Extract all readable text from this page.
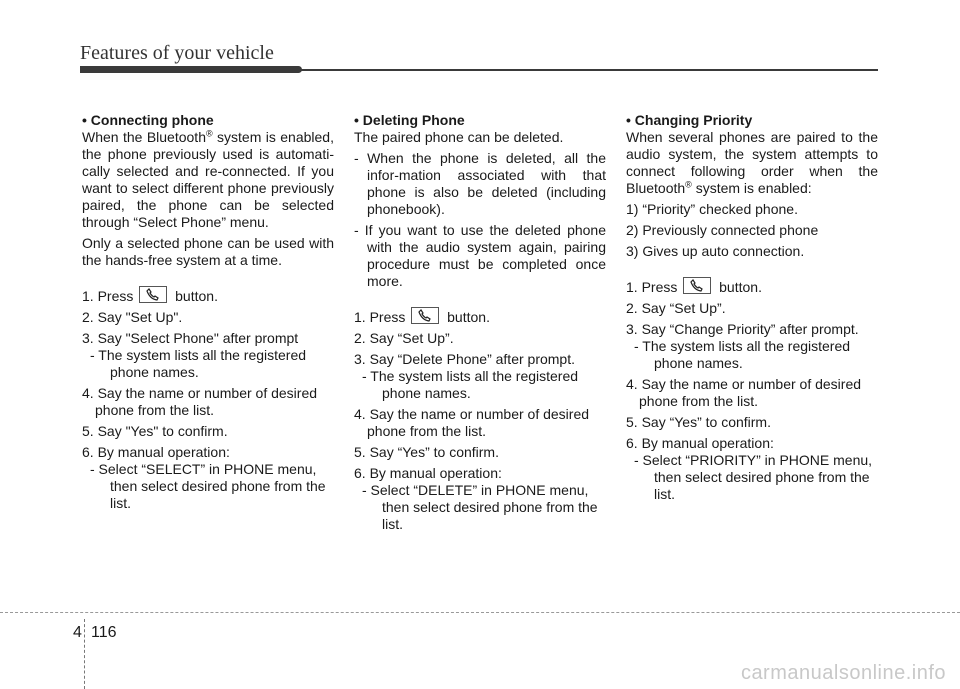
Features of your vehicle

• Connecting phone

When the Bluetooth® system is enabled, the phone previously used is automati-cally selected and re-connected. If you want to select different phone previously paired, the phone can be selected through “Select Phone” menu.

Only a selected phone can be used with the hands-free system at a time.

1. Press
button.

2. Say "Set Up".

3. Say "Select Phone" after prompt

- The system lists all the registered phone names.

4. Say the name or number of desired phone from the list.

5. Say "Yes" to confirm.

6. By manual operation:

- Select “SELECT” in PHONE menu, then select desired phone from the list.

• Deleting Phone

The paired phone can be deleted.

- When the phone is deleted, all the infor-mation associated with that phone is also be deleted (including phonebook).

- If you want to use the deleted phone with the audio system again, pairing procedure must be completed once more.

1. Press
button.

2. Say “Set Up”.

3. Say “Delete Phone” after prompt.

- The system lists all the registered phone names.

4. Say the name or number of desired phone from the list.

5. Say “Yes” to confirm.

6. By manual operation:

- Select “DELETE” in PHONE menu, then select desired phone from the list.

• Changing Priority

When several phones are paired to the audio system, the system attempts to connect following order when the Bluetooth® system is enabled:

1) “Priority” checked phone.

2) Previously connected phone

3) Gives up auto connection.

1. Press
button.

2. Say “Set Up”.

3. Say “Change Priority” after prompt.

- The system lists all the registered phone names.

4. Say the name or number of desired phone from the list.

5. Say “Yes” to confirm.

6. By manual operation:

- Select “PRIORITY” in PHONE menu, then select desired phone from the list.

4 116
carmanualsonline.info
